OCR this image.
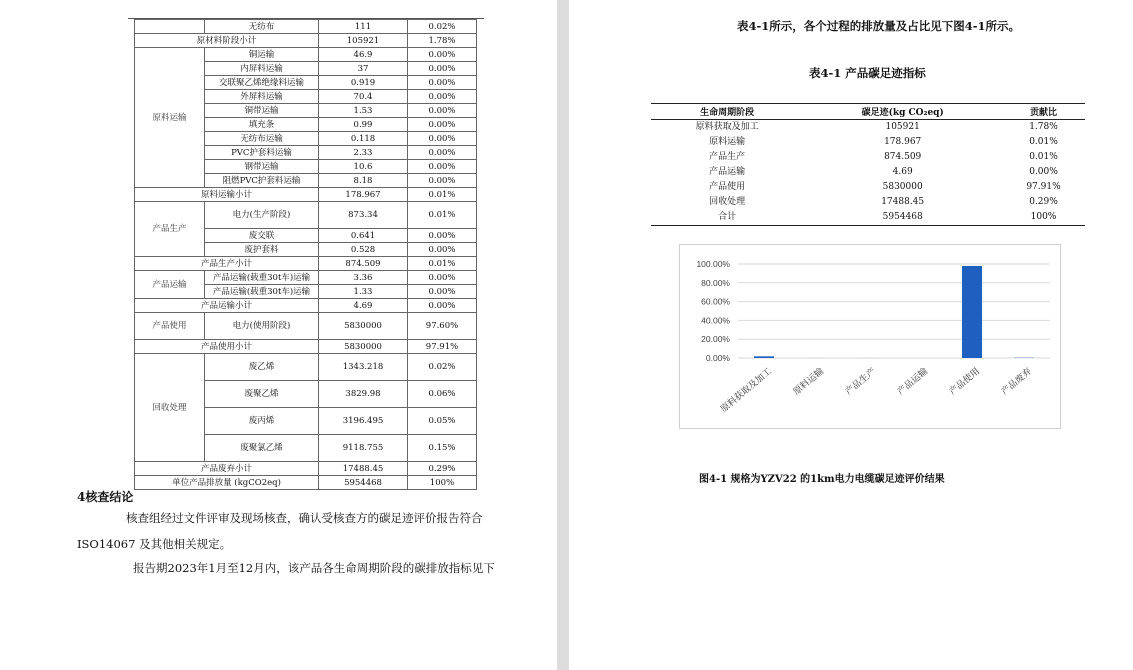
	无纺布	111	0.02%
原材料阶段小计		105921	1.78%
原料运输	铜运输	46.9	0.00%
	内屏料运输	37	0.00%
	交联聚乙烯绝缘料运输	0.919	0.00%
	外屏料运输	70.4	0.00%
	铜带运输	1.53	0.00%
	填充条	0.99	0.00%
	无纺布运输	0.118	0.00%
	PVC护套料运输	2.33	0.00%
	钢带运输	10.6	0.00%
	阻燃PVC护套料运输	8.18	0.00%
原料运输小计		178.967	0.01%
产品生产	电力(生产阶段)	873.34	0.01%
	废交联	0.641	0.00%
	废护套料	0.528	0.00%
产品生产小计		874.509	0.01%
产品运输	产品运输(载重30t车)运输	3.36	0.00%
	产品运输(载重30t车)运输	1.33	0.00%
产品运输小计		4.69	0.00%
产品使用	电力(使用阶段)	5830000	97.60%
产品使用小计		5830000	97.91%
回收处理	废乙烯	1343.218	0.02%
	废聚乙烯	3829.98	0.06%
	废丙烯	3196.495	0.05%
	废聚氯乙烯	9118.755	0.15%
产品废弃小计		17488.45	0.29%
单位产品排放量 (kgCO2eq)		5954468	100%
4核查结论
核查组经过文件评审及现场核查，确认受核查方的碳足迹评价报告符合
ISO14067 及其他相关规定。
报告期2023年1月至12月内，该产品各生命周期阶段的碳排放指标见下
表4-1所示，各个过程的排放量及占比见下图4-1所示。
表4-1 产品碳足迹指标
生命周期阶段	碳足迹(kg CO₂eq)	贡献比
原料获取及加工	105921	1.78%
原料运输	178.967	0.01%
产品生产	874.509	0.01%
产品运输	4.69	0.00%
产品使用	5830000	97.91%
回收处理	17488.45	0.29%
合计	5954468	100%
100.00%
80.00%
60.00%
40.00%
20.00%
0.00%
原料获取及加工 原料运输 产品生产 产品运输 产品使用 产品废弃
图4-1 规格为YZV22 的1km电力电缆碳足迹评价结果
